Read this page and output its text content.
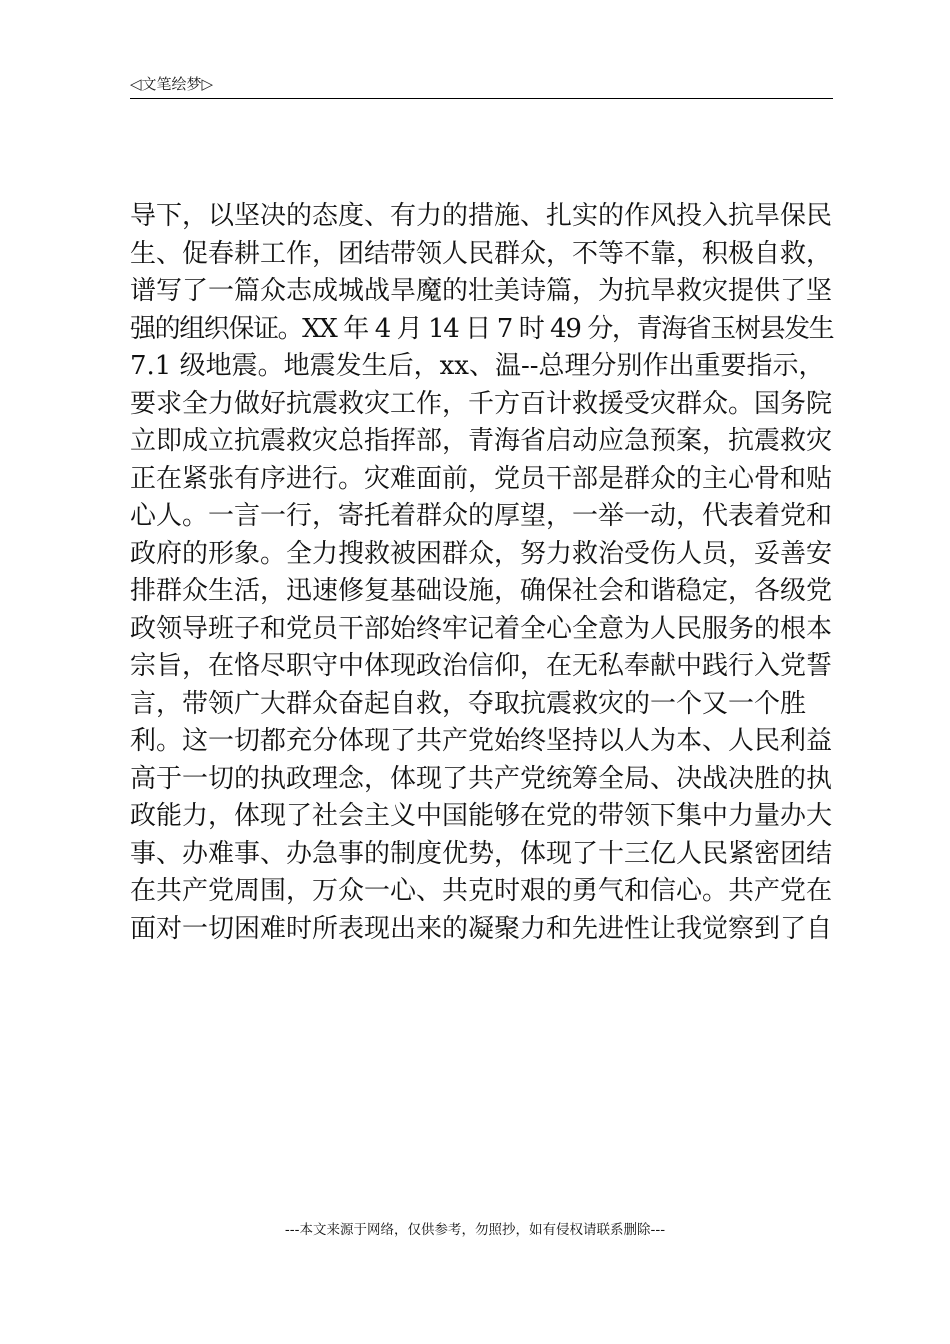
◁文笔绘梦▷
导下，以坚决的态度、有力的措施、扎实的作风投入抗旱保民
生、促春耕工作，团结带领人民群众，不等不靠，积极自救，
谱写了一篇众志成城战旱魔的壮美诗篇，为抗旱救灾提供了坚
强的组织保证。XX 年 4 月 14 日 7 时 49 分，青海省玉树县发生
7.1 级地震。地震发生后，xx、温--总理分别作出重要指示，
要求全力做好抗震救灾工作，千方百计救援受灾群众。国务院
立即成立抗震救灾总指挥部，青海省启动应急预案，抗震救灾
正在紧张有序进行。灾难面前，党员干部是群众的主心骨和贴
心人。一言一行，寄托着群众的厚望，一举一动，代表着党和
政府的形象。全力搜救被困群众，努力救治受伤人员，妥善安
排群众生活，迅速修复基础设施，确保社会和谐稳定，各级党
政领导班子和党员干部始终牢记着全心全意为人民服务的根本
宗旨，在恪尽职守中体现政治信仰，在无私奉献中践行入党誓
言，带领广大群众奋起自救，夺取抗震救灾的一个又一个胜
利。这一切都充分体现了共产党始终坚持以人为本、人民利益
高于一切的执政理念，体现了共产党统筹全局、决战决胜的执
政能力，体现了社会主义中国能够在党的带领下集中力量办大
事、办难事、办急事的制度优势，体现了十三亿人民紧密团结
在共产党周围，万众一心、共克时艰的勇气和信心。共产党在
面对一切困难时所表现出来的凝聚力和先进性让我觉察到了自
---本文来源于网络，仅供参考，勿照抄，如有侵权请联系删除---
